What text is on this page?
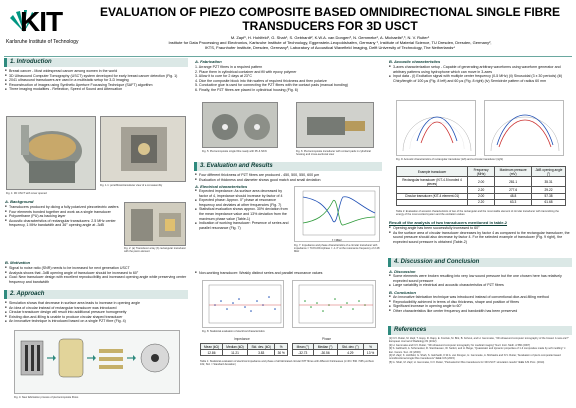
KIT
Karlsruhe Institute of Technology
EVALUATION OF PIEZO COMPOSITE BASED OMNIDIRECTIONAL SINGLE FIBRE
TRANSDUCERS FOR 3D USCT
M. Zapf¹, H. Hohlfeld¹, G. Shah¹, S. Gebhardt², K.W.A. van Dongen³, N. Gemmeke¹, A. Michaelis²,³, N. V. Ruiter¹
Institute for Data Processing and Electronics, Karlsruhe Institute of Technology, Eggenstein-Leopoldshafen, Germany ¹, Institute of Material Science, TU Dresden, Dresden, Germany²,
IKTS, Fraunhofer Institute, Dresden, Germany³, Laboratory of Acoustical Wavefield Imaging, Delft University of Technology, The Netherlands⁴
1. Introduction
■ Breast cancer - Most widespread cancer among women in the world
■ 3D Ultrasound Computer Tomography (USCT) system developed for early breast cancer detection (Fig. 1)
■ 2041 ultrasound transducers are used in a multistatic setup for 3-D imaging
■ Reconstruction of images using Synthetic Aperture Focussing Technique (SAFT) algorithm
■ Three imaging modalities - Reflection, Speed of Sound and Attenuation
Fig. 1.1: pore/fibres/transducer view of a cut assembly
Fig. 1: 3D USCT with cover opened
A. Background
■ Transducers produced by dicing a fully polarized piezoelectric wafers
■ Four elements bonded together and work as a single transducer
■ Polyurethane (PU) as backing layer
■ Acoustic characteristics of rectangular transducers: 2.5 MHz center frequency, 1 MHz bandwidth and 36° opening angle at -3dB
Fig. 2: (a) Transducer array (b) rectangular transducer with the piezo element
B. Motivation
■ Signal to noise ratio (SNR) needs to be increased for next generation USCT
■ Analysis shows that -3dB opening angle of transducer should be increased to 60°
■ Goal: New transducer design with excellent reproducibility and increased opening angle while preserving center frequency and bandwidth
2. Approach
■ Simulation shows that decrease in surface area leads to increase in opening angle
■ An idea of circular instead of rectangular transducer was introduced
■ Circular transducer design will result into additional pressure homogeneity
■ Existing dice-and-filling is unable to produce circular shaped transducer
■ An innovative technique is introduced based on a single PZT fibre (Fig. 4)
Fig. 4: New fabrication process of piezocomposite fibres
A. Fabrication
1. Arrange PZT fibres in a required pattern
2. Place them in cylindrical container and fill with epoxy polymer
3. Allow it to cure for 2 days at 23°C
4. Dice the composite block into thin wafers of required thickness and then polarize
5. Conductive glue is used for connecting the PZT fibres with the contact pads (manual bonding)
6. Finally, the PZT fibres are placed in cylindrical housing (Fig. 6)
Fig. 5: Piezocomposite single fibre ready with Pb & NKN	Fig. 6: Piezocomposite transducer with contact pads in cylindrical housing and cross-sectional view
3. Evaluation and Results
■ Four different thickness of PZT fibres are produced - 450, 500, 550, 600 µm
■ Evaluation of thickness and diameter shows good match and small deviation
A. Electrical characteristics
■ Expected impedance: As surface area decreased by factor of 4, impedance should increase by factor of 4
■ Expected phase: Approx. 0° phase at resonance frequency and deviates at other frequencies (Fig. 7)
■ Statistical evaluation shows approx. 30% deviation from the mean impedance value and 13% deviation from the maximum phase value (Table-1)
■ Indication of working transducer: Presence of series and parallel resonance (Fig. 7)
■ Non-working transducer: Weakly distinct series and parallel resonance values
f / MHz
Fig. 7: Impedance and phase characteristics of a circular transducer with impedance = 70.8 kOhm/phase = -1.4° at the resonance frequency of 2.48 MHz
Fig. 8: Statistical evaluation of electrical characteristics
Impedance	Phase
Mean (kΩ)	Median (kΩ)	Std. dev. (kΩ)	%
12.86	11.21	3.83	30 %
Mean (°)	Median (°)	Std. dev. (°)	%
-32.73	-30.56	4.29	13 %
Table 1: Statistical evaluation of electrical impedance and phase of all fabricated circular PZT fibres with different thicknesses (n=46 / 590 / 565 µm/Sum 162, Std. = Standard deviation)
B. Acoustic characteristics
■ 3-axes characterization setup - Capable of generating arbitrary waveforms using waveform generator and arbitrary patterns using hydrophone which can move in 3-axes
■ Input data - (i) Excitation signal with multiple center frequency (0-5 MHz) (ii) Sinusoidal (3 x 30 periods) (iii) Chirp/length of 100 µs (Fig. 8 left) and 60 µs (Fig. 8 right) (iv) Semicircle pattern of radius 60 mm
Fig. 9: Acoustic characteristics of rectangular transducer (left) and a circular transducer (right)
Example transducer	Frequency (MHz)	Maximum pressure (mV)	-3dB opening angle (°)
Rectangular transducer (KIT-4.5 bonded 4 pieces)	2.00	281.1	35.31
	2.20	277.6	29.22
Circular transducer (KIT-4 element-01)	2.00	48.8	57.38
	2.20	63.3	61.68
Table 2: Evaluation of acoustic characteristics of two of the rectangular and the most stable element of circular transducer with transmitting the energy of the most excited system and the excitation values
Result of the analysis of two transducers mentioned in table-2
■ Opening angle has been successfully increased to 60°
■ As the surface area of circular transducer decreases by factor 4 as compared to the rectangular transducer, the sound pressure should also decrease by factor 4. For the selected example of transducer (Fig. 9 right), the expected sound pressure is obtained (Table-2)
4. Discussion and Conclusion
A. Discussion
■ Some elements were broken resulting into very low sound pressure but the one chosen here has relatively expected sound pressure
■ Large variability in electrical and acoustic characteristics of PZT fibres
B. Conclusion
■ An innovative fabrication technique was introduced instead of conventional dice-and-filling method
■ Reproducibility achieved in terms of disc thickness, shape and position of fibres
■ Significant increase in opening angle to 60°
■ Other characteristics like center frequency and bandwidth has been preserved
References
[1] N.V. Ruiter, M. Zapf, T. Hopp, R. Dapp, E. Kretzek, M. Birk, B. Kohout, and H. Gemmeke, "3D ultrasound computer tomography of the breast: A new era?" European Journal of Radiology 81 (2012)
[2] H. Gemmeke and N.V. Ruiter, "3D ultrasound computer tomography for medical imaging" Nucl. Instr. Meth. A 580 (2007)
[3] S. Gebhardt, A. Schonecker, R. Steinhausen, W. Seifert, and H. Beige, "Quasistatic and dynamic properties of 1-3 composites made by soft molding" J. Eur. Ceram. Soc. 23 (2003)
[4] M. Zapf, K. Hohlfeld, G. Shah, S. Gebhardt, K.W.A. van Dongen, H. Gemmeke, A. Michaelis and N.V. Ruiter, "Evaluation of piezo composite based omnidirectional single fibre transducers" IEEE IUS (2015)
[5] G. Shah, M. Zapf, H. Gemmeke, N.V. Ruiter, "Piezoelectric fibre transducers for 3D USCT: simulation results" IEEE IUS Proc. (2014)
